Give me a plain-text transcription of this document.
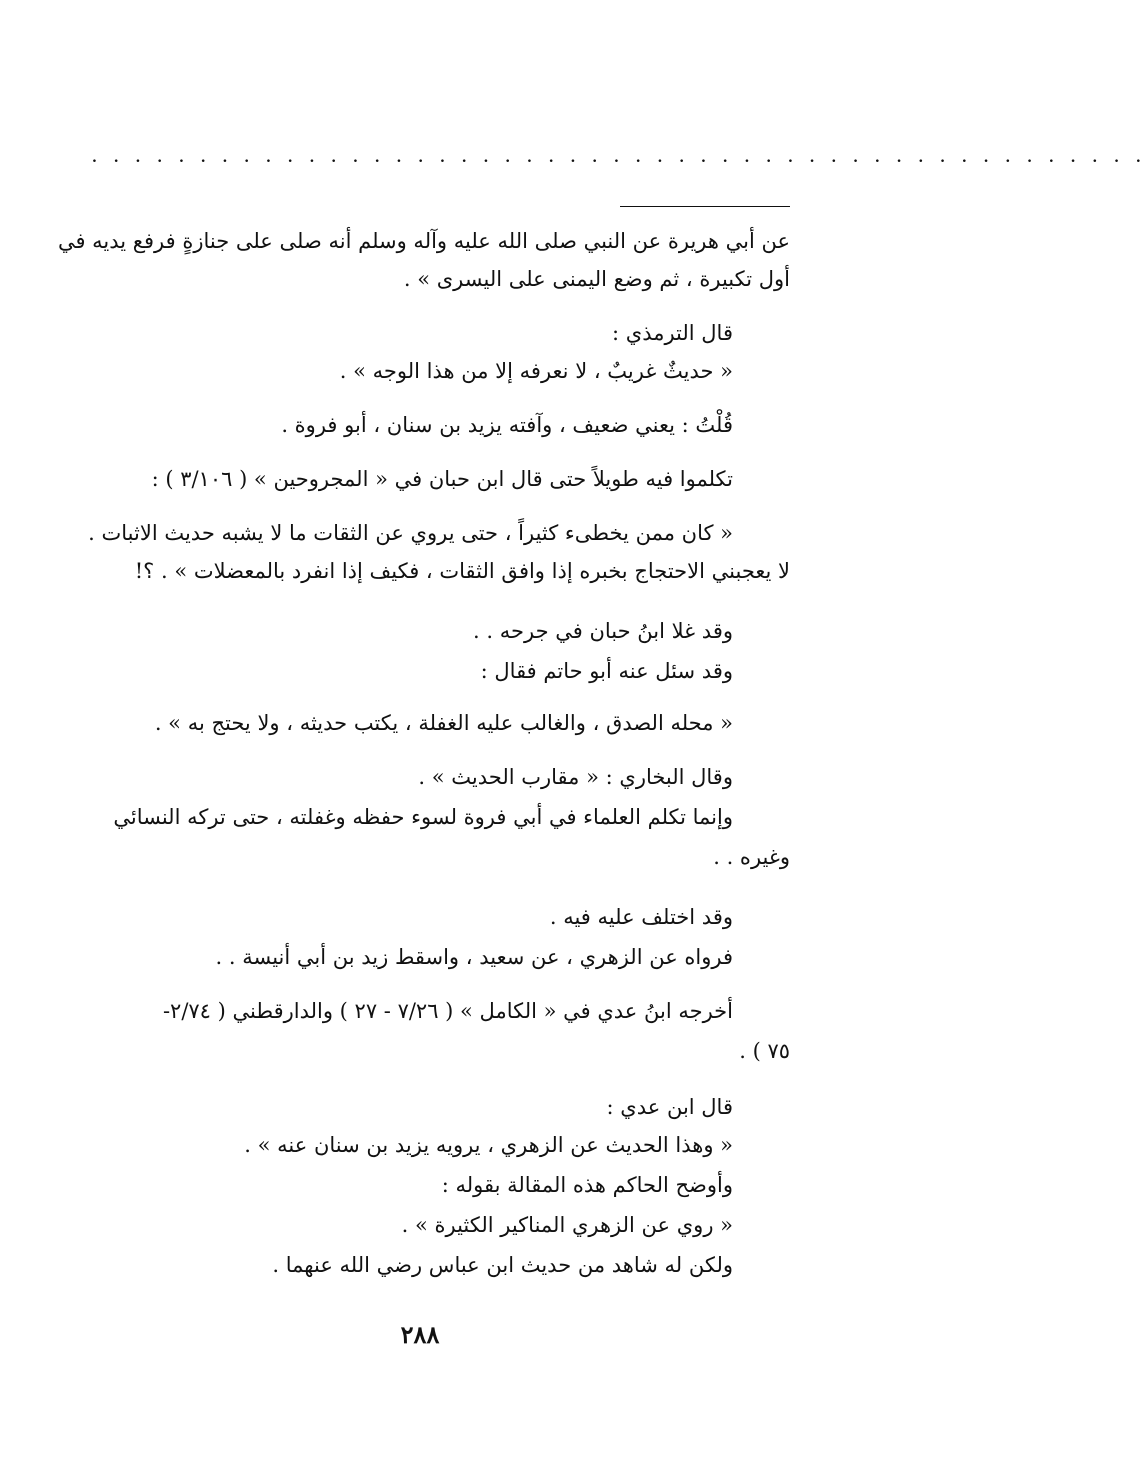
. . . . . . . . . . . . . . . . . . . . . . . . . . . . . . . . . . . . . . . . . . . . . . . . .
عن أبي هريرة عن النبي صلى الله عليه وآله وسلم أنه صلى على جنازةٍ فرفع يديه في
أول تكبيرة ، ثم وضع اليمنى على اليسرى » .
قال الترمذي :
« حديثٌ غريبٌ ، لا نعرفه إلا من هذا الوجه » .
قُلْتُ : يعني ضعيف ، وآفته يزيد بن سنان ، أبو فروة .
تكلموا فيه طويلاً حتى قال ابن حبان في « المجروحين » ( ٣/١٠٦ ) :
« كان ممن يخطىء كثيراً ، حتى يروي عن الثقات ما لا يشبه حديث الاثبات .
لا يعجبني الاحتجاج بخبره إذا وافق الثقات ، فكيف إذا انفرد بالمعضلات » . ؟!
وقد غلا ابنُ حبان في جرحه . .
وقد سئل عنه أبو حاتم فقال :
« محله الصدق ، والغالب عليه الغفلة ، يكتب حديثه ، ولا يحتج به » .
وقال البخاري : « مقارب الحديث » .
وإنما تكلم العلماء في أبي فروة لسوء حفظه وغفلته ، حتى تركه النسائي
وغيره . .
وقد اختلف عليه فيه .
فرواه عن الزهري ، عن سعيد ، واسقط زيد بن أبي أنيسة . .
أخرجه ابنُ عدي في « الكامل » ( ٧/٢٦ - ٢٧ ) والدارقطني ( ٢/٧٤-
٧٥ ) .
قال ابن عدي :
« وهذا الحديث عن الزهري ، يرويه يزيد بن سنان عنه » .
وأوضح الحاكم هذه المقالة بقوله :
« روي عن الزهري المناكير الكثيرة » .
ولكن له شاهد من حديث ابن عباس رضي الله عنهما .
٢٨٨
